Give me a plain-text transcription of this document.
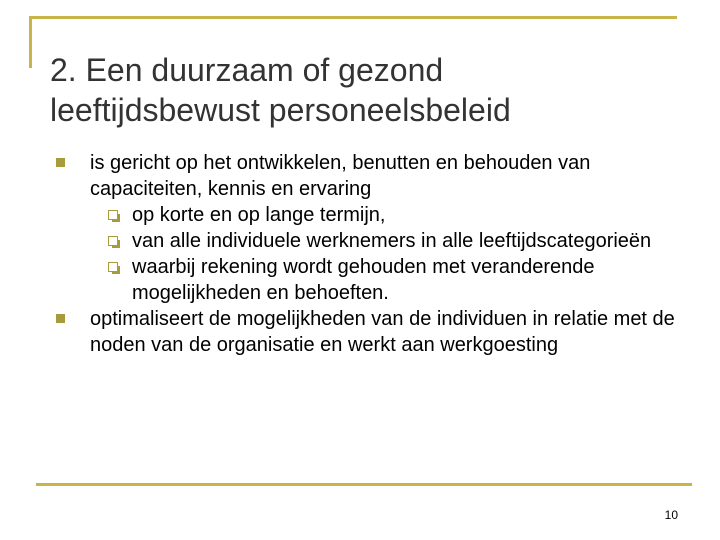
2. Een duurzaam of gezond
leeftijdsbewust personeelsbeleid
is gericht op het ontwikkelen, benutten en behouden van capaciteiten, kennis en ervaring
op korte en op lange termijn,
van alle individuele werknemers in alle leeftijdscategorieën
waarbij rekening wordt gehouden met veranderende mogelijkheden en behoeften.
optimaliseert de mogelijkheden van de individuen in relatie met de noden van de organisatie en werkt aan werkgoesting
10
